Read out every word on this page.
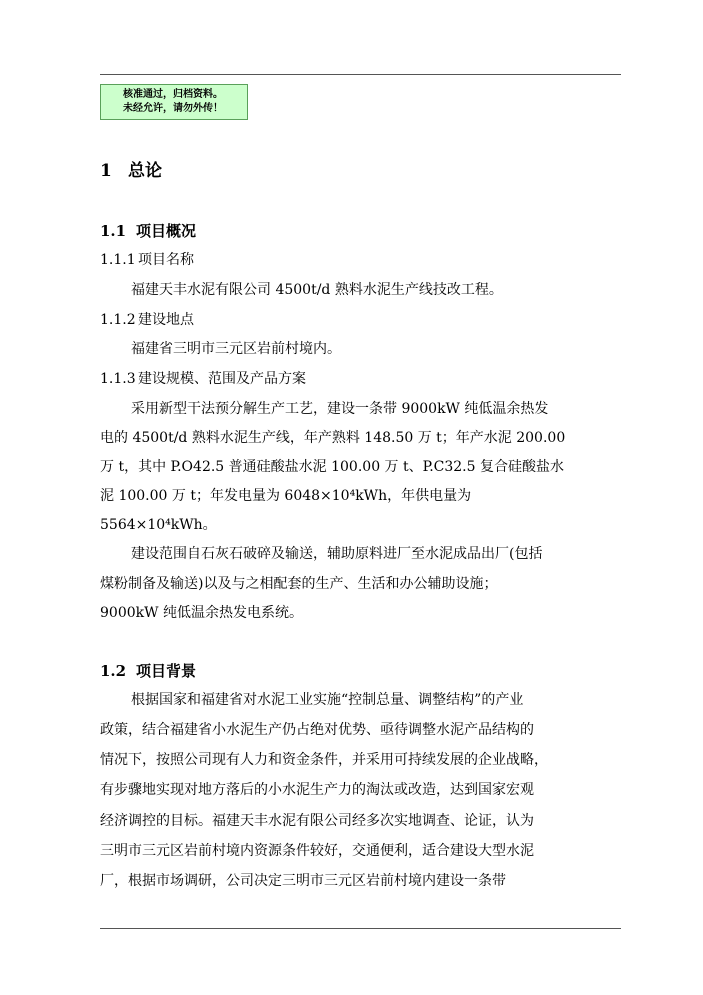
核准通过，归档资料。
未经允许，请勿外传！
1 总论
1.1 项目概况
1.1.1 项目名称
福建天丰水泥有限公司 4500t/d 熟料水泥生产线技改工程。
1.1.2 建设地点
福建省三明市三元区岩前村境内。
1.1.3 建设规模、范围及产品方案
采用新型干法预分解生产工艺，建设一条带 9000kW 纯低温余热发
电的 4500t/d 熟料水泥生产线，年产熟料 148.50 万 t；年产水泥 200.00
万 t，其中 P.O42.5 普通硅酸盐水泥 100.00 万 t、P.C32.5 复合硅酸盐水
泥 100.00 万 t；年发电量为 6048×10⁴kWh，年供电量为
5564×10⁴kWh。
建设范围自石灰石破碎及输送，辅助原料进厂至水泥成品出厂(包括
煤粉制备及输送)以及与之相配套的生产、生活和办公辅助设施；
9000kW 纯低温余热发电系统。
1.2 项目背景
根据国家和福建省对水泥工业实施“控制总量、调整结构”的产业
政策，结合福建省小水泥生产仍占绝对优势、亟待调整水泥产品结构的
情况下，按照公司现有人力和资金条件，并采用可持续发展的企业战略，
有步骤地实现对地方落后的小水泥生产力的淘汰或改造，达到国家宏观
经济调控的目标。福建天丰水泥有限公司经多次实地调查、论证，认为
三明市三元区岩前村境内资源条件较好，交通便利，适合建设大型水泥
厂，根据市场调研，公司决定三明市三元区岩前村境内建设一条带
